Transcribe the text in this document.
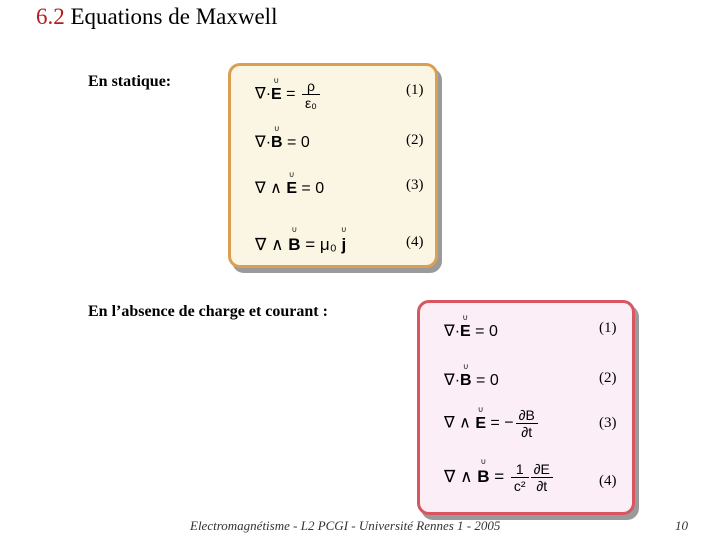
6.2 Equations de Maxwell
En statique:
∇·∪ $E = \frac{\rho}{\text{ε₀}}$	(1)
∇·∪ B = 0	(2)
∇ ∧ ∪ E = 0	(3)
∇ ∧ ∪ B = μ₀ ∪ j	(4)
En l’absence de charge et courant :
∇·∪ E = 0	(1)
∇·∪ B = 0	(2)
∇ ∧ ∪ E = − $\frac{\partial B}{\partial t}$	(3)
∇ ∧ ∪ $B = \frac{1}{\text{c²}} \frac{\partial E}{\partial t}$	(4)
Electromagnétisme - L2 PCGI - Université Rennes 1 - 2005	10
